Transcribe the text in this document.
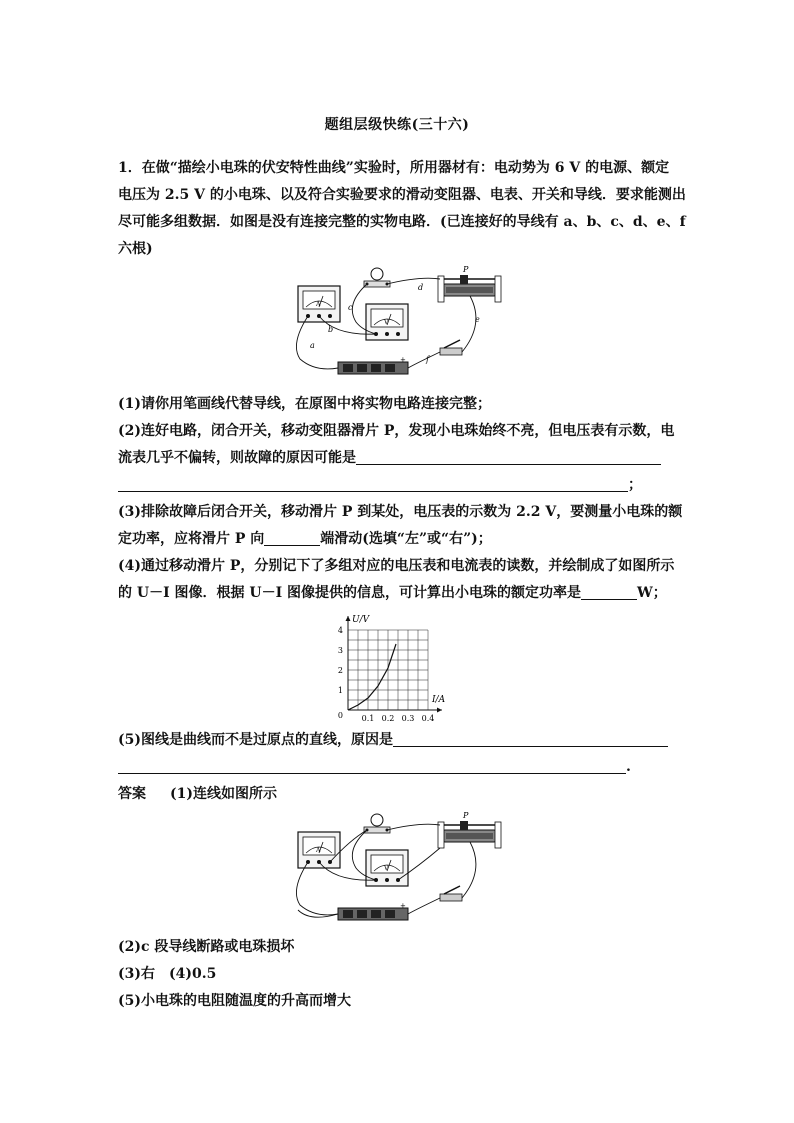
题组层级快练(三十六)
1．在做“描绘小电珠的伏安特性曲线”实验时，所用器材有：电动势为 6 V 的电源、额定
电压为 2.5 V 的小电珠、以及符合实验要求的滑动变阻器、电表、开关和导线．要求能测出
尽可能多组数据．如图是没有连接完整的实物电路．(已连接好的导线有 a、b、c、d、e、f
六根)
A
V
P
+
a
b
c
d
e
f
(1)请你用笔画线代替导线，在原图中将实物电路连接完整；
(2)连好电路，闭合开关，移动变阻器滑片 P，发现小电珠始终不亮，但电压表有示数，电
流表几乎不偏转，则故障的原因可能是
；
(3)排除故障后闭合开关，移动滑片 P 到某处，电压表的示数为 2.2 V，要测量小电珠的额
定功率，应将滑片 P 向	端滑动(选填“左”或“右”)；
(4)通过移动滑片 P，分别记下了多组对应的电压表和电流表的读数，并绘制成了如图所示
的 U－I 图像．根据 U－I 图像提供的信息，可计算出小电珠的额定功率是	W；
0.1 0.2 0.3 0.4
1
2
3
4
0
I/A
U/V
(5)图线是曲线而不是过原点的直线，原因是
.
答案 (1)连线如图所示
A
V
P
+
(2)c 段导线断路或电珠损坏
(3)右 (4)0.5
(5)小电珠的电阻随温度的升高而增大
